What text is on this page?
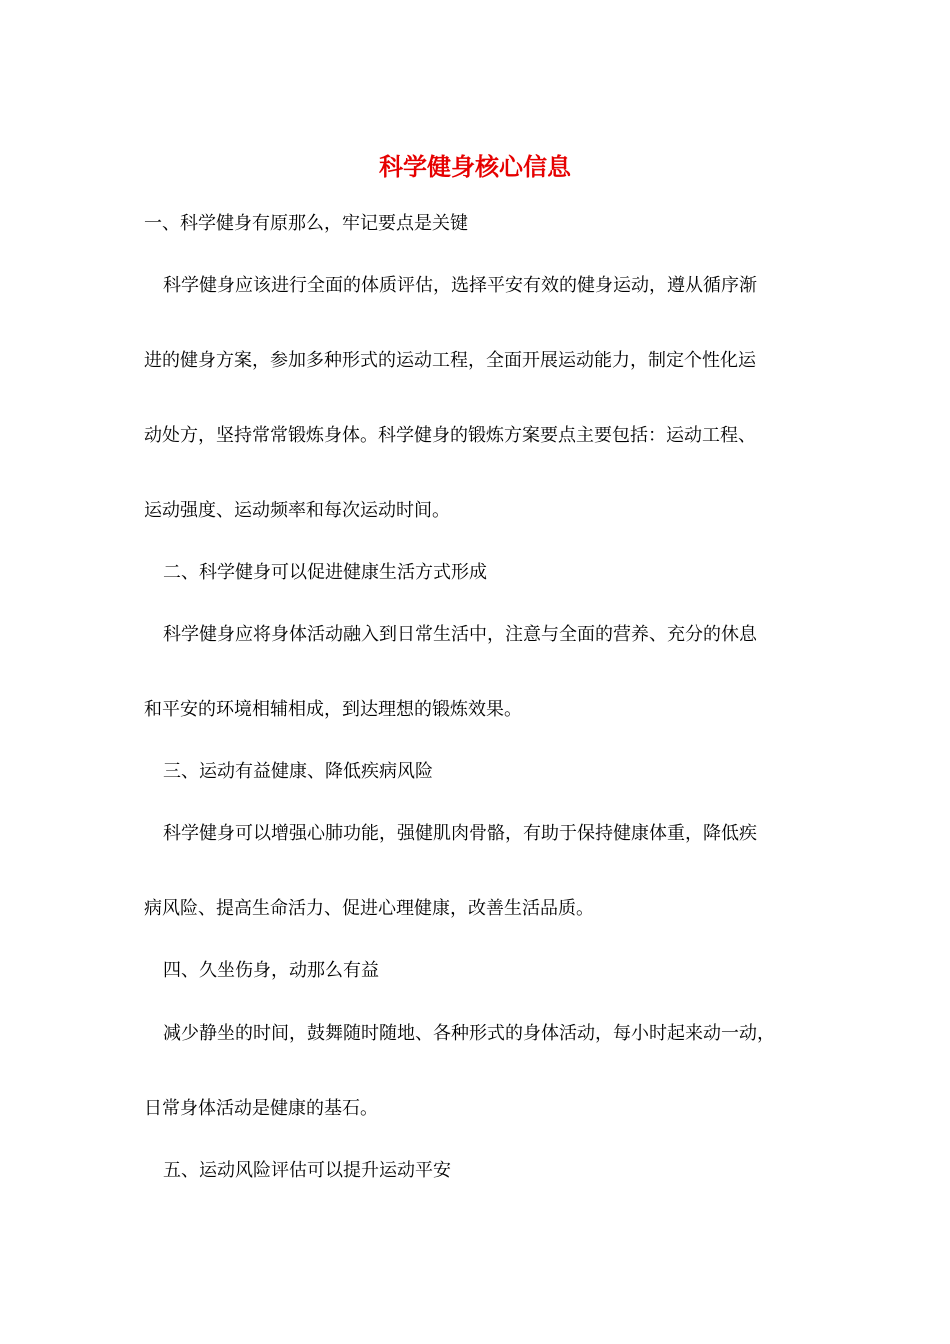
科学健身核心信息
一、科学健身有原那么，牢记要点是关键
科学健身应该进行全面的体质评估，选择平安有效的健身运动，遵从循序渐
进的健身方案，参加多种形式的运动工程，全面开展运动能力，制定个性化运
动处方，坚持常常锻炼身体。科学健身的锻炼方案要点主要包括：运动工程、
运动强度、运动频率和每次运动时间。
二、科学健身可以促进健康生活方式形成
科学健身应将身体活动融入到日常生活中，注意与全面的营养、充分的休息
和平安的环境相辅相成，到达理想的锻炼效果。
三、运动有益健康、降低疾病风险
科学健身可以增强心肺功能，强健肌肉骨骼，有助于保持健康体重，降低疾
病风险、提高生命活力、促进心理健康，改善生活品质。
四、久坐伤身，动那么有益
减少静坐的时间，鼓舞随时随地、各种形式的身体活动，每小时起来动一动，
日常身体活动是健康的基石。
五、运动风险评估可以提升运动平安
